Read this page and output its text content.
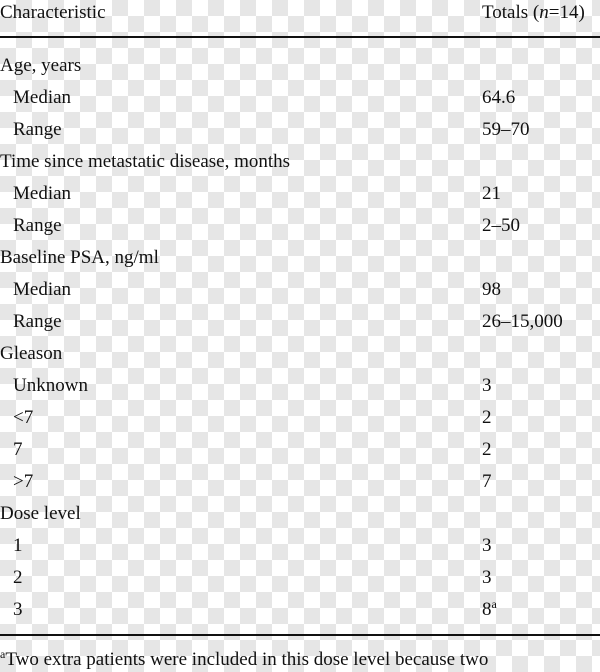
Characteristic	Totals (n=14)
Age, years
Median	64.6
Range	59–70
Time since metastatic disease, months
Median	21
Range	2–50
Baseline PSA, ng/ml
Median	98
Range	26–15,000
Gleason
Unknown	3
<7	2
7	2
>7	7
Dose level
1	3
2	3
3	8$^a$
$^a$Two extra patients were included in this dose level because two
